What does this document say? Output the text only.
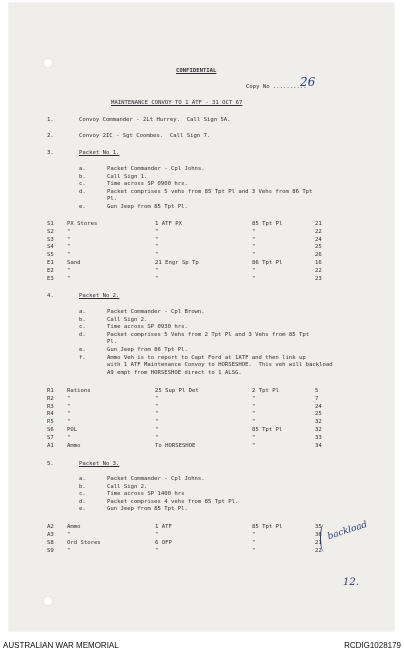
CONFIDENTIAL
Copy No ..........
26
MAINTENANCE CONVOY TO 1 ATF - 31 OCT 67
backload
12.
1.	Convoy Commander - 2Lt Hurrey.  Call Sign 5A.
2.	Convoy 2IC - Sgt Coombes.  Call Sign 7.
3.	Packet No 1.
a.	Packet Commander - Cpl Johns.
b.	Call Sign 1.
c.	Time across SP 0900 hrs.
d.	Packet comprises 5 vehs from 85 Tpt Pl and 3 Vehs from 86 Tpt
Pl.
e.	Gun Jeep from 85 Tpt Pl.
S1 PX Stores	1 ATF PX	85 Tpt Pl	21
S2 "	"	"	22
S3 "	"	"	24
S4 "	"	"	25
S5 "	"	"	26
E1 Sand	21 Engr Sp Tp	86 Tpt Pl	16
E2 "	"	"	22
E3 "	"	"	23
4.	Packet No 2.
a.	Packet Commander - Cpl Brown.
b.	Call Sign 2.
c.	Time across SP 0930 hrs.
d.	Packet comprises 5 Vehs from 2 Tpt Pl and 3 Vehs from 85 Tpt
Pl.
e.	Gun Jeep from 86 Tpt Pl.
f.	Ammo Veh is to report to Capt Ford at 1ATF and then link up
with 1 ATF Maintenance Convoy to HORSESHOE.  This veh will backload
A9 empt from HORSESHOE direct to 1 ALSG.
R1 Rations	25 Sup Pl Det	2 Tpt Pl	5
R2 "	"	"	7
R3 "	"	"	24
R4 "	"	"	25
R5 "	"	"	32
S6 POL	"	85 Tpt Pl	32
S7 "	"	"	33
A1 Ammo	To HORSESHOE	"	34
5.	Packet No 3.
a.	Packet Commander - Cpl Johns.
b.	Call Sign 2.
c.	Time across SP 1400 hrs
d.	Packet comprises 4 vehs from 85 Tpt Pl.
e.	Gun Jeep from 85 Tpt Pl.
A2 Ammo	1 ATF	85 Tpt Pl	35
A3 "	"	"	36
S8 Ord Stores	6 OFP	"	21
S9 "	"	"	22
AUSTRALIAN WAR MEMORIAL	RCDIG1028179
